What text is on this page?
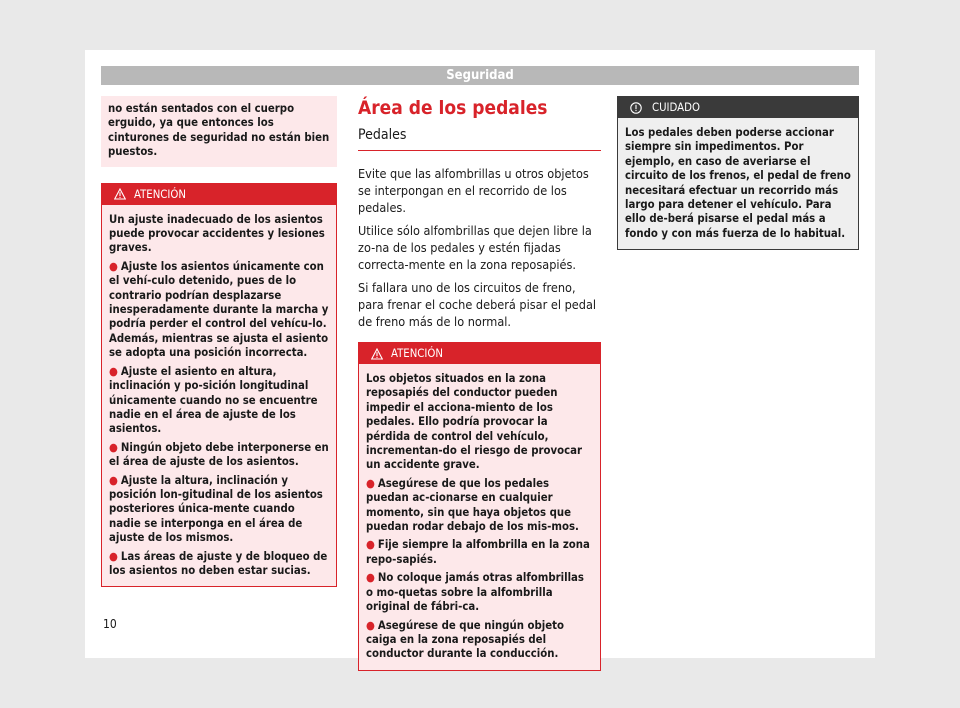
Seguridad
no están sentados con el cuerpo erguido, ya que entonces los cinturones de seguridad no están bien puestos.
ATENCIÓN

Un ajuste inadecuado de los asientos puede provocar accidentes y lesiones graves.

● Ajuste los asientos únicamente con el vehí-culo detenido, pues de lo contrario podrían desplazarse inesperadamente durante la marcha y podría perder el control del vehícu-lo. Además, mientras se ajusta el asiento se adopta una posición incorrecta.

● Ajuste el asiento en altura, inclinación y po-sición longitudinal únicamente cuando no se encuentre nadie en el área de ajuste de los asientos.

● Ningún objeto debe interponerse en el área de ajuste de los asientos.

● Ajuste la altura, inclinación y posición lon-gitudinal de los asientos posteriores única-mente cuando nadie se interponga en el área de ajuste de los mismos.

● Las áreas de ajuste y de bloqueo de los asientos no deben estar sucias.

Área de los pedales
Pedales

Evite que las alfombrillas u otros objetos se interpongan en el recorrido de los pedales.

Utilice sólo alfombrillas que dejen libre la zo-na de los pedales y estén fijadas correcta-mente en la zona reposapiés.

Si fallara uno de los circuitos de freno, para frenar el coche deberá pisar el pedal de freno más de lo normal.

ATENCIÓN

Los objetos situados en la zona reposapiés del conductor pueden impedir el acciona-miento de los pedales. Ello podría provocar la pérdida de control del vehículo, incrementan-do el riesgo de provocar un accidente grave.

● Asegúrese de que los pedales puedan ac-cionarse en cualquier momento, sin que haya objetos que puedan rodar debajo de los mis-mos.

● Fije siempre la alfombrilla en la zona repo-sapiés.

● No coloque jamás otras alfombrillas o mo-quetas sobre la alfombrilla original de fábri-ca.

● Asegúrese de que ningún objeto caiga en la zona reposapiés del conductor durante la conducción.

CUIDADO
Los pedales deben poderse accionar siempre sin impedimentos. Por ejemplo, en caso de averiarse el circuito de los frenos, el pedal de freno necesitará efectuar un recorrido más largo para detener el vehículo. Para ello de-berá pisarse el pedal más a fondo y con más fuerza de lo habitual.
10
